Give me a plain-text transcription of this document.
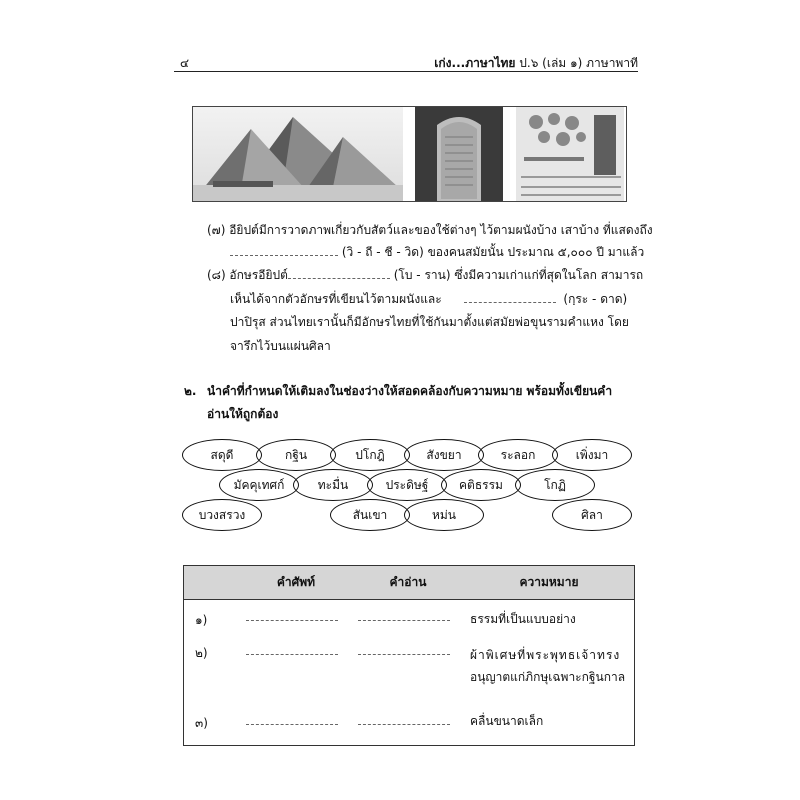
๔	เก่ง...ภาษาไทย ป.๖ (เล่ม ๑) ภาษาพาที
(๗) อียิปต์มีการวาดภาพเกี่ยวกับสัตว์และของใช้ต่างๆ ไว้ตามผนังบ้าง เสาบ้าง ที่แสดงถึง
(วิ - ถี - ชี - วิด) ของคนสมัยนั้น ประมาณ ๕,๐๐๐ ปี มาแล้ว
(๘) อักษรอียิปต์	(โบ - ราน) ซึ่งมีความเก่าแก่ที่สุดในโลก สามารถ
เห็นได้จากตัวอักษรที่เขียนไว้ตามผนังและ	(กฺระ - ดาด)
ปาปิรุส ส่วนไทยเรานั้นก็มีอักษรไทยที่ใช้กันมาตั้งแต่สมัยพ่อขุนรามคำแหง โดย
จารึกไว้บนแผ่นศิลา
๒. นำคำที่กำหนดให้เติมลงในช่องว่างให้สอดคล้องกับความหมาย พร้อมทั้งเขียนคำ
อ่านให้ถูกต้อง
สดุดี	กฐิน	ปโกฎิ	สังขยา	ระลอก	เพิ่งมา
มัคคุเทศก์	ทะมื่น	ประดิษฐ์	คติธรรม	โกฏิ
บวงสรวง	สันเขา	หม่น	ศิลา
	คำศัพท์	คำอ่าน	ความหมาย
๑)			ธรรมที่เป็นแบบอย่าง
๒)			ผ้าพิเศษที่พระพุทธเจ้าทรง
อนุญาตแก่ภิกษุเฉพาะกฐินกาล

๓)			คลื่นขนาดเล็ก
